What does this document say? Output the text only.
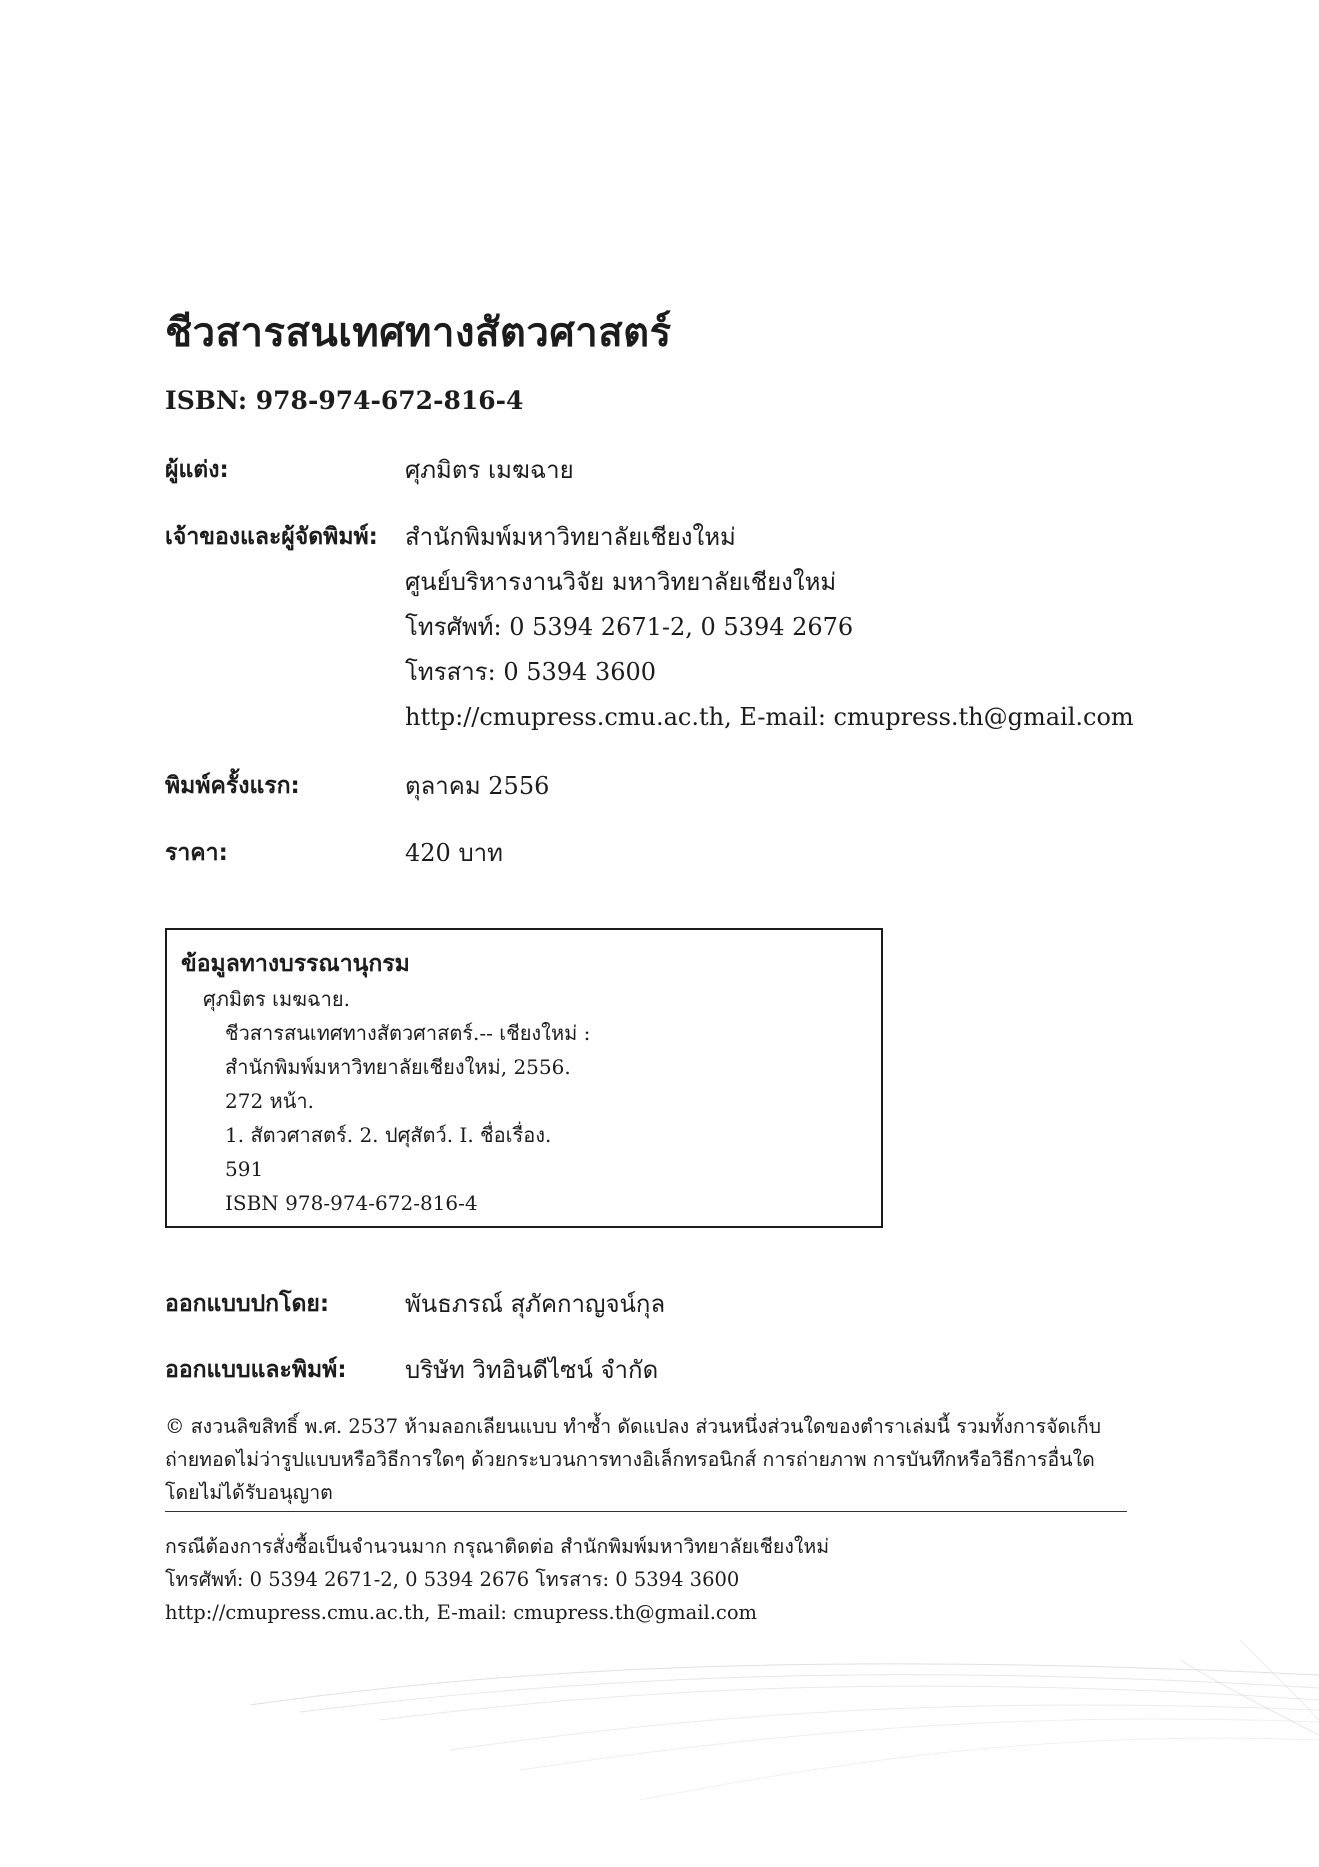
ชีวสารสนเทศทางสัตวศาสตร์
ISBN: 978-974-672-816-4
ผู้แต่ง:	ศุภมิตร เมฆฉาย
เจ้าของและผู้จัดพิมพ์: สำนักพิมพ์มหาวิทยาลัยเชียงใหม่
ศูนย์บริหารงานวิจัย มหาวิทยาลัยเชียงใหม่
โทรศัพท์: 0 5394 2671-2, 0 5394 2676
โทรสาร: 0 5394 3600
http://cmupress.cmu.ac.th, E-mail: cmupress.th@gmail.com
พิมพ์ครั้งแรก:	ตุลาคม 2556
ราคา:	420 บาท
ข้อมูลทางบรรณานุกรม
ศุภมิตร เมฆฉาย.
ชีวสารสนเทศทางสัตวศาสตร์.-- เชียงใหม่ :
สำนักพิมพ์มหาวิทยาลัยเชียงใหม่, 2556.
272 หน้า.
1. สัตวศาสตร์. 2. ปศุสัตว์. I. ชื่อเรื่อง.
591
ISBN 978-974-672-816-4
ออกแบบปกโดย:	พันธภรณ์ สุภัคกาญจน์กุล
ออกแบบและพิมพ์: บริษัท วิทอินดีไซน์ จำกัด
© สงวนลิขสิทธิ์ พ.ศ. 2537 ห้ามลอกเลียนแบบ ทำซ้ำ ดัดแปลง ส่วนหนึ่งส่วนใดของตำราเล่มนี้ รวมทั้งการจัดเก็บ
ถ่ายทอดไม่ว่ารูปแบบหรือวิธีการใดๆ ด้วยกระบวนการทางอิเล็กทรอนิกส์ การถ่ายภาพ การบันทึกหรือวิธีการอื่นใด
โดยไม่ได้รับอนุญาต
กรณีต้องการสั่งซื้อเป็นจำนวนมาก กรุณาติดต่อ สำนักพิมพ์มหาวิทยาลัยเชียงใหม่
โทรศัพท์: 0 5394 2671-2, 0 5394 2676 โทรสาร: 0 5394 3600
http://cmupress.cmu.ac.th, E-mail: cmupress.th@gmail.com
